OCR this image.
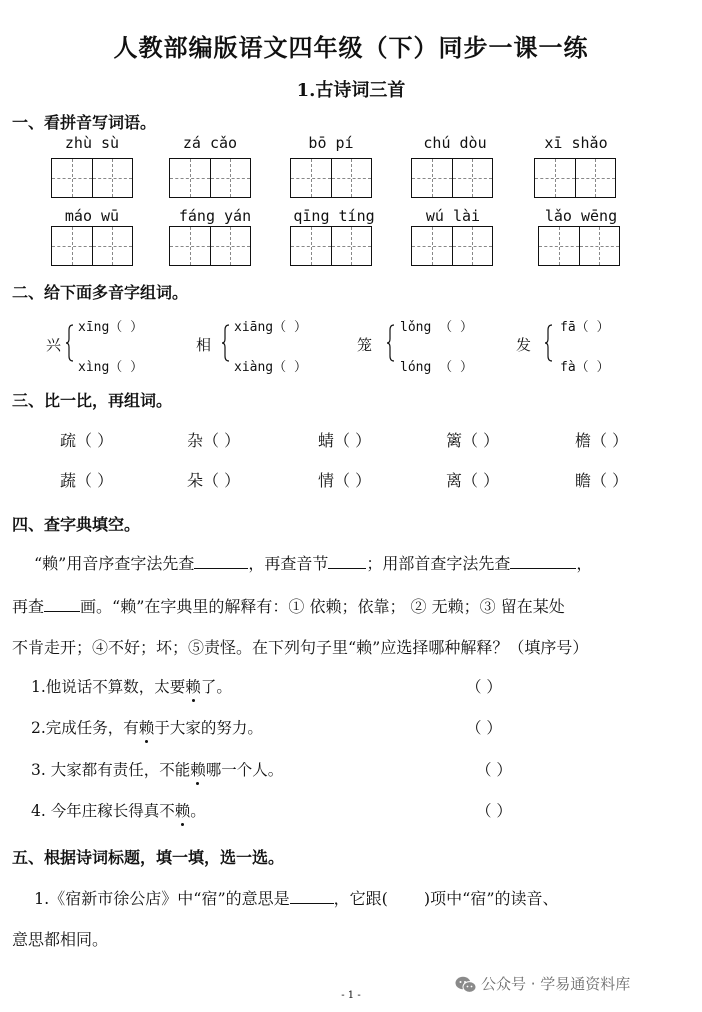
人教部编版语文四年级（下）同步一课一练
1.古诗词三首
一、看拼音写词语。
zhù sù	zá cǎo	bō pí	chú dòu	xī shǎo
máo wū	fáng yán	qīng tíng	wú lài	lǎo wēng
二、给下面多音字组词。
兴
xīng（ ）
xìng（ ）
相
xiāng（ ）
xiàng（ ）
笼
lǒng （ ）
lóng （ ）
发
fā（ ）
fà（ ）
三、比一比，再组词。
疏（ ）	杂（ ）	蜻（ ）	篱（ ）	檐（ ）
蔬（ ）	朵（ ）	情（ ）	离（ ）	瞻（ ）
四、查字典填空。
“赖”用音序查字法先查	，再查音节 ；用部首查字法先查	，
再查 画。“赖”在字典里的解释有：① 依赖；依靠； ② 无赖；③ 留在某处
不肯走开；④不好；坏；⑤责怪。在下列句子里“赖”应选择哪种解释？（填序号）
1.他说话不算数，太要赖了。	（ ）
2.完成任务，有赖于大家的努力。	（ ）
3. 大家都有责任，不能赖哪一个人。	（ ）
4. 今年庄稼长得真不赖。	（ ）
五、根据诗词标题，填一填，选一选。
1.《宿新市徐公店》中“宿”的意思是	，它跟( )项中“宿”的读音、
意思都相同。
公众号 · 学易通资料库
- 1 -
